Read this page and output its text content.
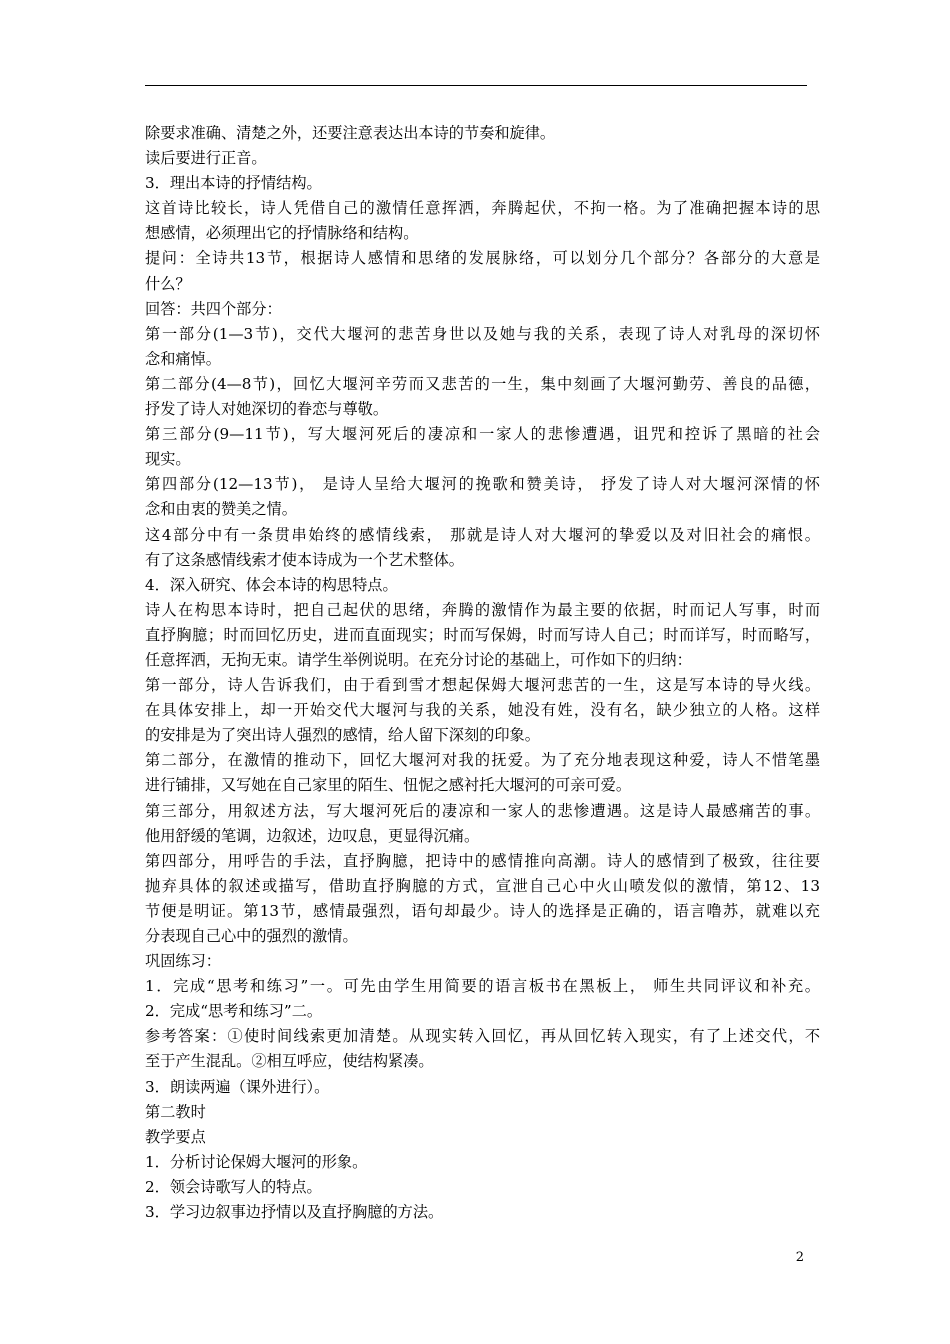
除要求准确、清楚之外，还要注意表达出本诗的节奏和旋律。
读后要进行正音。
3．理出本诗的抒情结构。
这首诗比较长，诗人凭借自己的激情任意挥洒，奔腾起伏，不拘一格。为了准确把握本诗的思
想感情，必须理出它的抒情脉络和结构。
提问：全诗共13节，根据诗人感情和思绪的发展脉络，可以划分几个部分？各部分的大意是
什么？
回答：共四个部分：
第一部分(1—3节)，交代大堰河的悲苦身世以及她与我的关系，表现了诗人对乳母的深切怀
念和痛悼。
第二部分(4—8节)，回忆大堰河辛劳而又悲苦的一生，集中刻画了大堰河勤劳、善良的品德，
抒发了诗人对她深切的眷恋与尊敬。
第三部分(9—11节)，写大堰河死后的凄凉和一家人的悲惨遭遇，诅咒和控诉了黑暗的社会
现实。
第四部分(12—13节)， 是诗人呈给大堰河的挽歌和赞美诗， 抒发了诗人对大堰河深情的怀
念和由衷的赞美之情。
这4部分中有一条贯串始终的感情线索， 那就是诗人对大堰河的挚爱以及对旧社会的痛恨。
有了这条感情线索才使本诗成为一个艺术整体。
4．深入研究、体会本诗的构思特点。
诗人在构思本诗时，把自己起伏的思绪，奔腾的激情作为最主要的依据，时而记人写事，时而
直抒胸臆；时而回忆历史，进而直面现实；时而写保姆，时而写诗人自己；时而详写，时而略写，
任意挥洒，无拘无束。请学生举例说明。在充分讨论的基础上，可作如下的归纳：
第一部分，诗人告诉我们，由于看到雪才想起保姆大堰河悲苦的一生，这是写本诗的导火线。
在具体安排上，却一开始交代大堰河与我的关系，她没有姓，没有名，缺少独立的人格。这样
的安排是为了突出诗人强烈的感情，给人留下深刻的印象。
第二部分，在激情的推动下，回忆大堰河对我的抚爱。为了充分地表现这种爱，诗人不惜笔墨
进行铺排，又写她在自己家里的陌生、忸怩之感衬托大堰河的可亲可爱。
第三部分，用叙述方法，写大堰河死后的凄凉和一家人的悲惨遭遇。这是诗人最感痛苦的事。
他用舒缓的笔调，边叙述，边叹息，更显得沉痛。
第四部分，用呼告的手法，直抒胸臆，把诗中的感情推向高潮。诗人的感情到了极致，往往要
抛弃具体的叙述或描写，借助直抒胸臆的方式，宣泄自己心中火山喷发似的激情，第12、13
节便是明证。第13节，感情最强烈，语句却最少。诗人的选择是正确的，语言噜苏，就难以充
分表现自己心中的强烈的激情。
巩固练习：
1．完成“思考和练习”一。可先由学生用简要的语言板书在黑板上， 师生共同评议和补充。
2．完成“思考和练习”二。
参考答案：①使时间线索更加清楚。从现实转入回忆，再从回忆转入现实，有了上述交代，不
至于产生混乱。②相互呼应，使结构紧凑。
3．朗读两遍（课外进行）。
第二教时
教学要点
1．分析讨论保姆大堰河的形象。
2．领会诗歌写人的特点。
3．学习边叙事边抒情以及直抒胸臆的方法。
2
